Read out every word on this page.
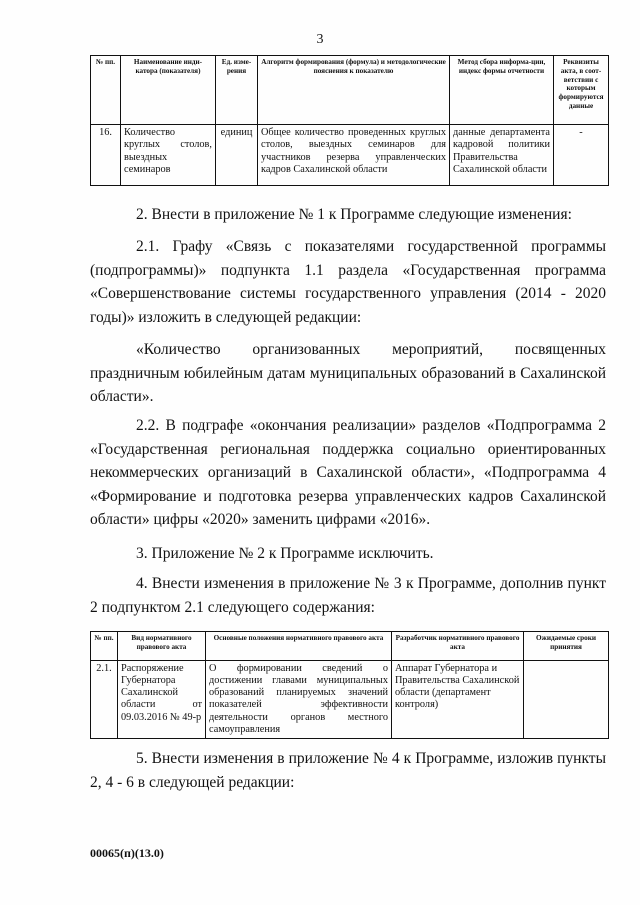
3
№ пп.	Наименование инди-катора (показателя)	Ед. изме-рения	Алгоритм формирования (формула) и методологические пояснения к показателю	Метод сбора информа-ции, индекс формы отчетности	Реквизиты акта, в соот-ветствии с которым формируются данные
16.	Количество круглых столов, выездных семинаров	единиц	Общее количество проведенных круглых столов, выездных семинаров для участников резерва управленческих кадров Сахалинской области	данные департамента кадровой политики Правительства Сахалинской области	-

2. Внести в приложение № 1 к Программе следующие изменения:

2.1. Графу «Связь с показателями государственной программы (подпрограммы)» подпункта 1.1 раздела «Государственная программа «Совершенствование системы государственного управления (2014 - 2020 годы)» изложить в следующей редакции:

«Количество организованных мероприятий, посвященных праздничным юбилейным датам муниципальных образований в Сахалинской области».

2.2. В подграфе «окончания реализации» разделов «Подпрограмма 2 «Государственная региональная поддержка социально ориентированных некоммерческих организаций в Сахалинской области», «Подпрограмма 4 «Формирование и подготовка резерва управленческих кадров Сахалинской области» цифры «2020» заменить цифрами «2016».

3. Приложение № 2 к Программе исключить.

4. Внести изменения в приложение № 3 к Программе, дополнив пункт 2 подпунктом 2.1 следующего содержания:

№ пп.	Вид нормативного правового акта	Основные положения нормативного правового акта	Разработчик нормативного правового акта	Ожидаемые сроки принятия
2.1.	Распоряжение Губернатора Сахалинской области от 09.03.2016 № 49-р	О формировании сведений о достижении главами муниципальных образований планируемых значений показателей эффективности деятельности органов местного самоуправления	Аппарат Губернатора и Правительства Сахалинской области (департамент контроля)	

5. Внести изменения в приложение № 4 к Программе, изложив пункты 2, 4 - 6 в следующей редакции:

00065(п)(13.0)
